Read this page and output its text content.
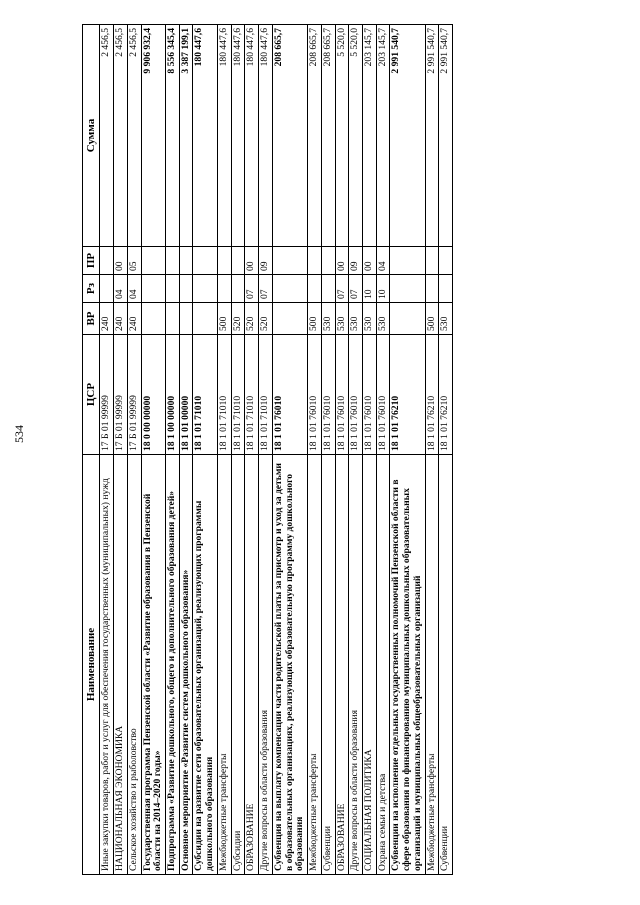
534
Наименование	ЦСР	ВР	Рз	ПР	Сумма
Иные закупки товаров, работ и услуг для обеспечения государственных (муниципальных) нужд	17 Б 01 99999	240			2 456,5
НАЦИОНАЛЬНАЯ ЭКОНОМИКА	17 Б 01 99999	240	04	00	2 456,5
Сельское хозяйство и рыболовство	17 Б 01 99999	240	04	05	2 456,5
Государственная программа Пензенской области «Развитие образования в Пензенской области на 2014–2020 годы»	18 0 00 00000				9 906 932,4
Подпрограмма «Развитие дошкольного, общего и дополнительного образования детей»	18 1 00 00000				8 556 345,4
Основное мероприятие «Развитие систем дошкольного образования»	18 1 01 00000				3 387 199,1
Субсидии на развитие сети образовательных организаций, реализующих программы дошкольного образования	18 1 01 71010				180 447,6
Межбюджетные трансферты	18 1 01 71010	500			180 447,6
Субсидии	18 1 01 71010	520			180 447,6
ОБРАЗОВАНИЕ	18 1 01 71010	520	07	00	180 447,6
Другие вопросы в области образования	18 1 01 71010	520	07	09	180 447,6
Субвенция на выплату компенсации части родительской платы за присмотр и уход за детьми в образовательных организациях, реализующих образовательную программу дошкольного образования	18 1 01 76010				208 665,7
Межбюджетные трансферты	18 1 01 76010	500			208 665,7
Субвенции	18 1 01 76010	530			208 665,7
ОБРАЗОВАНИЕ	18 1 01 76010	530	07	00	5 520,0
Другие вопросы в области образования	18 1 01 76010	530	07	09	5 520,0
СОЦИАЛЬНАЯ ПОЛИТИКА	18 1 01 76010	530	10	00	203 145,7
Охрана семьи и детства	18 1 01 76010	530	10	04	203 145,7
Субвенции на исполнение отдельных государственных полномочий Пензенской области в сфере образования по финансированию муниципальных дошкольных образовательных организаций и муниципальных общеобразовательных организаций	18 1 01 76210				2 991 540,7
Межбюджетные трансферты	18 1 01 76210	500			2 991 540,7
Субвенции	18 1 01 76210	530			2 991 540,7
